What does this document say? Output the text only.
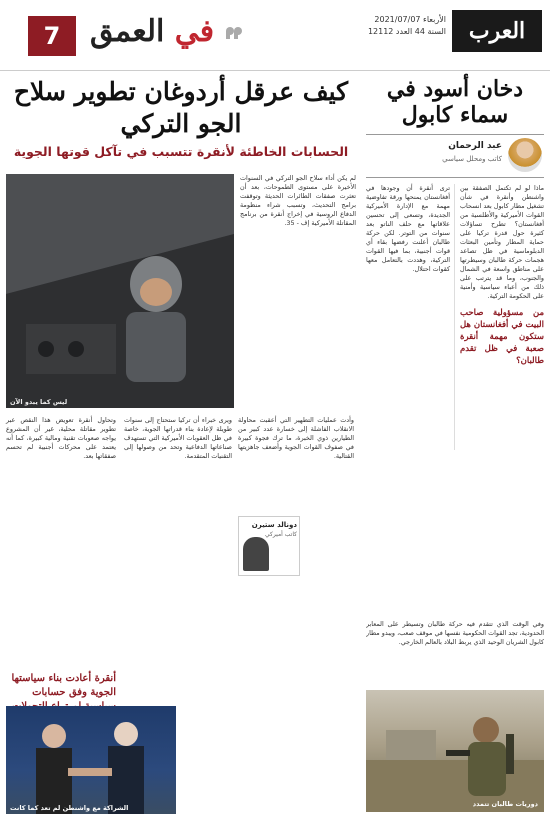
العرب
الأربعاء 2021/07/07
السنة 44 العدد 12112
في العمق
7
دخان أسود في سماء كابول
عبد الرحمان
كاتب ومحلل سياسي
ماذا لو لم تكتمل الصفقة بين واشنطن وأنقرة في شأن تشغيل مطار كابول بعد انسحاب القوات الأميركية والأطلسية من أفغانستان؟ تطرح تساؤلات كثيرة حول قدرة تركيا على حماية المطار وتأمين البعثات الدبلوماسية في ظل تصاعد هجمات حركة طالبان وسيطرتها على مناطق واسعة في الشمال والجنوب، وما قد يترتب على ذلك من أعباء سياسية وأمنية على الحكومة التركية.
من مسؤولية صاحب البيت في أفغانستان هل ستكون مهمة أنقرة صعبة في ظل تقدم طالبان؟
ترى أنقرة أن وجودها في أفغانستان يمنحها ورقة تفاوضية مهمة مع الإدارة الأميركية الجديدة، وتسعى إلى تحسين علاقاتها مع حلف الناتو بعد سنوات من التوتر. لكن حركة طالبان أعلنت رفضها بقاء أي قوات أجنبية، بما فيها القوات التركية، وهددت بالتعامل معها كقوات احتلال.
دوريات طالبان تتمدد
كيف عرقل أردوغان تطوير سلاح الجو التركي
الحسابات الخاطئة لأنقرة تتسبب في تآكل قوتها الجوية
ليس كما يبدو الآن
لم يكن أداء سلاح الجو التركي في السنوات الأخيرة على مستوى الطموحات، بعد أن تعثرت صفقات الطائرات الحديثة وتوقفت برامج التحديث، وتسبب شراء منظومة الدفاع الروسية في إخراج أنقرة من برنامج المقاتلة الأميركية إف - 35.
دونالد ستيرن
كاتب أميركي
وأدت عمليات التطهير التي أعقبت محاولة الانقلاب الفاشلة إلى خسارة عدد كبير من الطيارين ذوي الخبرة، ما ترك فجوة كبيرة في صفوف القوات الجوية وأضعف جاهزيتها القتالية.
ويرى خبراء أن تركيا ستحتاج إلى سنوات طويلة لإعادة بناء قدراتها الجوية، خاصة في ظل العقوبات الأميركية التي تستهدف صناعاتها الدفاعية وتحد من وصولها إلى التقنيات المتقدمة.
وتحاول أنقرة تعويض هذا النقص عبر تطوير مقاتلة محلية، غير أن المشروع يواجه صعوبات تقنية ومالية كبيرة، كما أنه يعتمد على محركات أجنبية لم تحسم صفقاتها بعد.
أنقرة أعادت بناء سياستها الجوية وفق حسابات
الشراكة مع واشنطن لم تعد كما كانت
وفي الوقت الذي تتقدم فيه حركة طالبان وتسيطر على المعابر الحدودية، تجد القوات الحكومية نفسها في موقف صعب، ويبدو مطار كابول الشريان الوحيد الذي يربط البلاد بالعالم الخارجي.
